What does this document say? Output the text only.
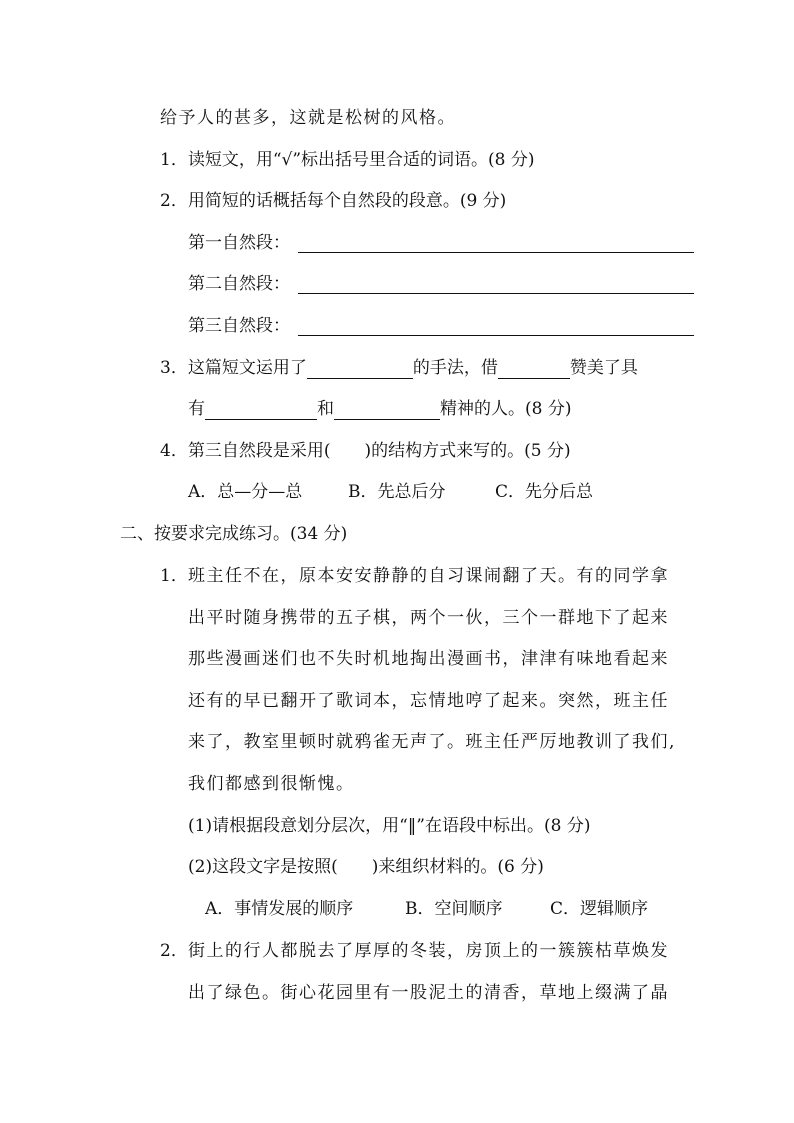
给予人的甚多，这就是松树的风格。
1．读短文，用“√”标出括号里合适的词语。(8 分)
2．用简短的话概括每个自然段的段意。(9 分)
第一自然段：
第二自然段：
第三自然段：
3．这篇短文运用了	的手法，借	赞美了具
有	和	精神的人。(8 分)
4．第三自然段是采用(　　)的结构方式来写的。(5 分)
A．总—分—总	B．先总后分	C．先分后总
二、按要求完成练习。(34 分)
1． 班主任不在，原本安安静静的自习课闹翻了天。有的同学拿
出平时随身携带的五子棋，两个一伙，三个一群地下了起来
那些漫画迷们也不失时机地掏出漫画书，津津有味地看起来
还有的早已翻开了歌词本，忘情地哼了起来。突然，班主任
来了，教室里顿时就鸦雀无声了。班主任严厉地教训了我们,
我们都感到很惭愧。
(1)请根据段意划分层次，用“‖”在语段中标出。(8 分)
(2)这段文字是按照(　　)来组织材料的。(6 分)
A．事情发展的顺序	B．空间顺序	C．逻辑顺序
2． 街上的行人都脱去了厚厚的冬装，房顶上的一簇簇枯草焕发
出了绿色。街心花园里有一股泥土的清香，草地上缀满了晶
